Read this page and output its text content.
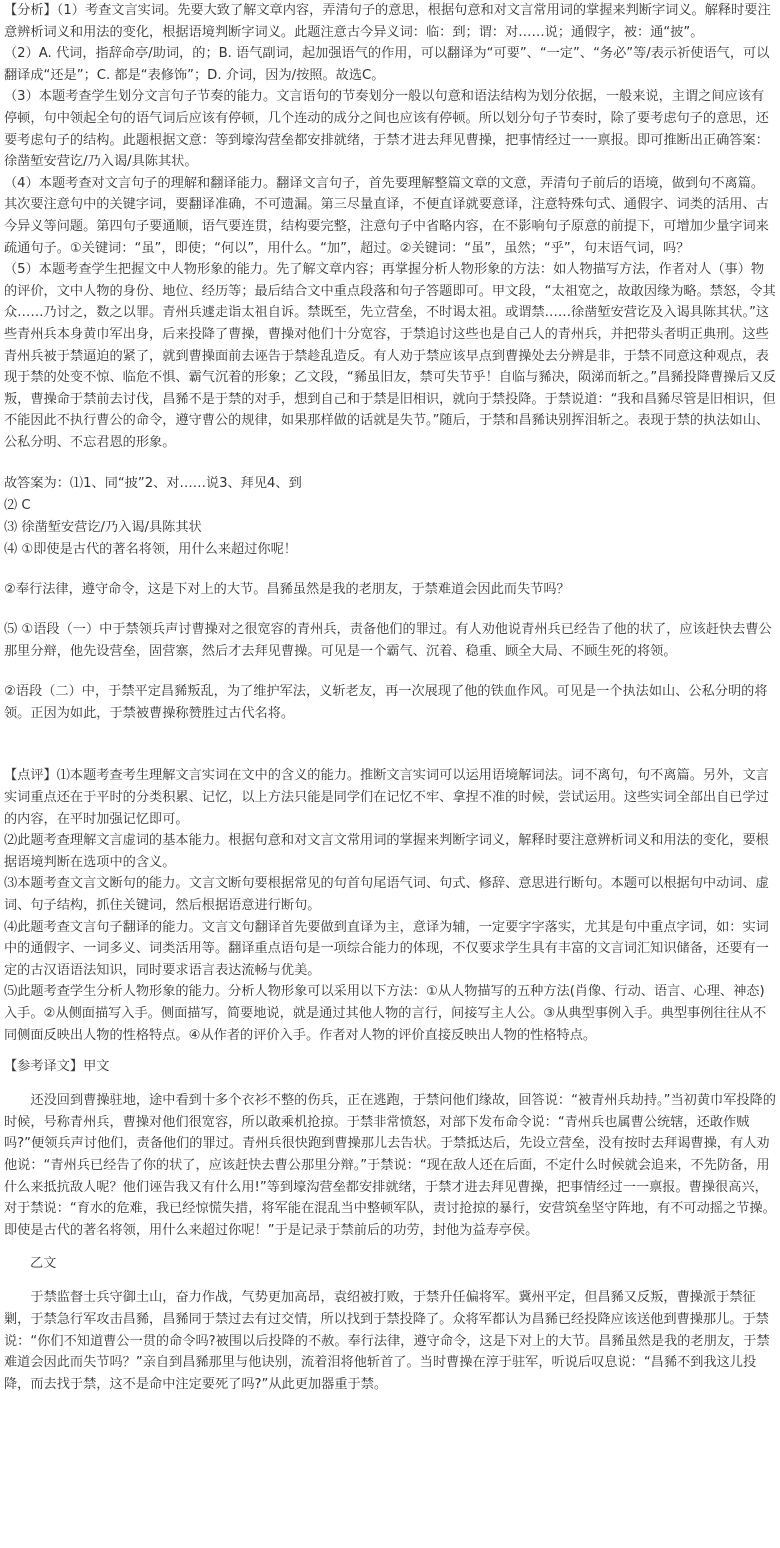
【分析】（1）考查文言实词。先要大致了解文章内容，弄清句子的意思，根据句意和对文言常用词的掌握来判断字词义。解释时要注意辨析词义和用法的变化，根据语境判断字词义。此题注意古今异义词：临：到；谓：对……说；通假字，被：通“披”。

（2）A. 代词，指辞命亭/助词，的；B. 语气副词，起加强语气的作用，可以翻译为“可要”、“一定”、“务必”等/表示祈使语气，可以翻译成“还是”；C. 都是“表修饰”；D. 介词，因为/按照。故选C。

（3）本题考查学生划分文言句子节奏的能力。文言语句的节奏划分一般以句意和语法结构为划分依据，一般来说，主谓之间应该有停顿，句中领起全句的语气词后应该有停顿，几个连动的成分之间也应该有停顿。所以划分句子节奏时，除了要考虑句子的意思，还要考虑句子的结构。此题根据文意：等到壕沟营垒都安排就绪，于禁才进去拜见曹操，把事情经过一一禀报。即可推断出正确答案：徐凿堑安营讫/乃入谒/具陈其状。

（4）本题考查对文言句子的理解和翻译能力。翻译文言句子，首先要理解整篇文章的文意，弄清句子前后的语境，做到句不离篇。其次要注意句中的关键字词，要翻译准确，不可遗漏。第三尽量直译，不便直译就要意译，注意特殊句式、通假字、词类的活用、古今异义等问题。第四句子要通顺，语气要连贯，结构要完整，注意句子中省略内容，在不影响句子原意的前提下，可增加少量字词来疏通句子。①关键词：“虽”，即使；“何以”，用什么。“加”，超过。②关键词：“虽”，虽然；“乎”，句末语气词，吗？

（5）本题考查学生把握文中人物形象的能力。先了解文章内容；再掌握分析人物形象的方法：如人物描写方法，作者对人（事）物的评价，文中人物的身份、地位、经历等；最后结合文中重点段落和句子答题即可。甲文段，“太祖宽之，故敢因缘为略。禁怒，令其众……乃讨之，数之以罪。青州兵遽走诣太祖自诉。禁既至，先立营垒，不时谒太祖。或谓禁……徐凿堑安营讫及入谒具陈其状。”这些青州兵本身黄巾军出身，后来投降了曹操，曹操对他们十分宽容，于禁追讨这些也是自己人的青州兵，并把带头者明正典刑。这些青州兵被于禁逼迫的紧了，就到曹操面前去诬告于禁趁乱造反。有人劝于禁应该早点到曹操处去分辨是非，于禁不同意这种观点，表现于禁的处变不惊、临危不惧、霸气沉着的形象；乙文段，“豨虽旧友，禁可失节乎！自临与豨决，陨涕而斩之。”昌豨投降曹操后又反叛，曹操命于禁前去讨伐，昌豨不是于禁的对手，想到自己和于禁是旧相识，就向于禁投降。于禁说道：“我和昌豨尽管是旧相识，但不能因此不执行曹公的命令，遵守曹公的规律，如果那样做的话就是失节。”随后，于禁和昌豨诀别挥泪斩之。表现于禁的执法如山、公私分明、不忘君恩的形象。

故答案为：⑴1、同“披”2、对……说3、拜见4、到

⑵ C

⑶ 徐凿堑安营讫/乃入谒/具陈其状

⑷ ①即使是古代的著名将领，用什么来超过你呢！

②奉行法律，遵守命令，这是下对上的大节。昌豨虽然是我的老朋友，于禁难道会因此而失节吗？

⑸ ①语段（一）中于禁领兵声讨曹操对之很宽容的青州兵，责备他们的罪过。有人劝他说青州兵已经告了他的状了，应该赶快去曹公那里分辩，他先设营垒，固营寨，然后才去拜见曹操。可见是一个霸气、沉着、稳重、顾全大局、不顾生死的将领。

②语段（二）中，于禁平定昌豨叛乱，为了维护军法，义斩老友，再一次展现了他的铁血作风。可见是一个执法如山、公私分明的将领。正因为如此，于禁被曹操称赞胜过古代名将。

【点评】⑴本题考查考生理解文言实词在文中的含义的能力。推断文言实词可以运用语境解词法。词不离句，句不离篇。另外，文言实词重点还在于平时的分类积累、记忆，以上方法只能是同学们在记忆不牢、拿捏不准的时候，尝试运用。这些实词全部出自已学过的内容，在平时加强记忆即可。

⑵此题考查理解文言虚词的基本能力。根据句意和对文言文常用词的掌握来判断字词义，解释时要注意辨析词义和用法的变化，要根据语境判断在选项中的含义。

⑶本题考查文言文断句的能力。文言文断句要根据常见的句首句尾语气词、句式、修辞、意思进行断句。本题可以根据句中动词、虚词、句子结构，抓住关键词，然后根据语意进行断句。

⑷此题考查文言句子翻译的能力。文言文句翻译首先要做到直译为主，意译为辅，一定要字字落实，尤其是句中重点字词，如：实词中的通假字、一词多义、词类活用等。翻译重点语句是一项综合能力的体现，不仅要求学生具有丰富的文言词汇知识储备，还要有一定的古汉语语法知识，同时要求语言表达流畅与优美。

⑸此题考查学生分析人物形象的能力。分析人物形象可以采用以下方法：①从人物描写的五种方法(肖像、行动、语言、心理、神态)入手。②从侧面描写入手。侧面描写，简要地说，就是通过其他人物的言行，间接写主人公。③从典型事例入手。典型事例往往从不同侧面反映出人物的性格特点。④从作者的评价入手。作者对人物的评价直接反映出人物的性格特点。

【参考译文】甲文

还没回到曹操驻地，途中看到十多个衣衫不整的伤兵，正在逃跑，于禁问他们缘故，回答说：“被青州兵劫持。”当初黄巾军投降的时候，号称青州兵，曹操对他们很宽容，所以敢乘机抢掠。于禁非常愤怒，对部下发布命令说：“青州兵也属曹公统辖，还敢作贼吗?”便领兵声讨他们，责备他们的罪过。青州兵很快跑到曹操那儿去告状。于禁抵达后，先设立营垒，没有按时去拜谒曹操，有人劝他说：“青州兵已经告了你的状了，应该赶快去曹公那里分辩。”于禁说：“现在敌人还在后面，不定什么时候就会追来，不先防备，用什么来抵抗敌人呢？他们诬告我又有什么用!”等到壕沟营垒都安排就绪，于禁才进去拜见曹操，把事情经过一一禀报。曹操很高兴，对于禁说：“育水的危难，我已经惊慌失措，将军能在混乱当中整顿军队，责讨抢掠的暴行，安营筑垒坚守阵地，有不可动摇之节操。即使是古代的著名将领，用什么来超过你呢！”于是记录于禁前后的功劳，封他为益寿亭侯。

乙文

于禁监督士兵守御土山，奋力作战，气势更加高昂，袁绍被打败，于禁升任偏将军。冀州平定，但昌豨又反叛，曹操派于禁征剿，于禁急行军攻击昌豨，昌豨同于禁过去有过交情，所以找到于禁投降了。众将军都认为昌豨已经投降应该送他到曹操那儿。于禁说：“你们不知道曹公一贯的命令吗?被围以后投降的不赦。奉行法律，遵守命令，这是下对上的大节。昌豨虽然是我的老朋友，于禁难道会因此而失节吗？”亲自到昌豨那里与他诀别，流着泪将他斩首了。当时曹操在淳于驻军，听说后叹息说：“昌豨不到我这儿投降，而去找于禁，这不是命中注定要死了吗?”从此更加器重于禁。
